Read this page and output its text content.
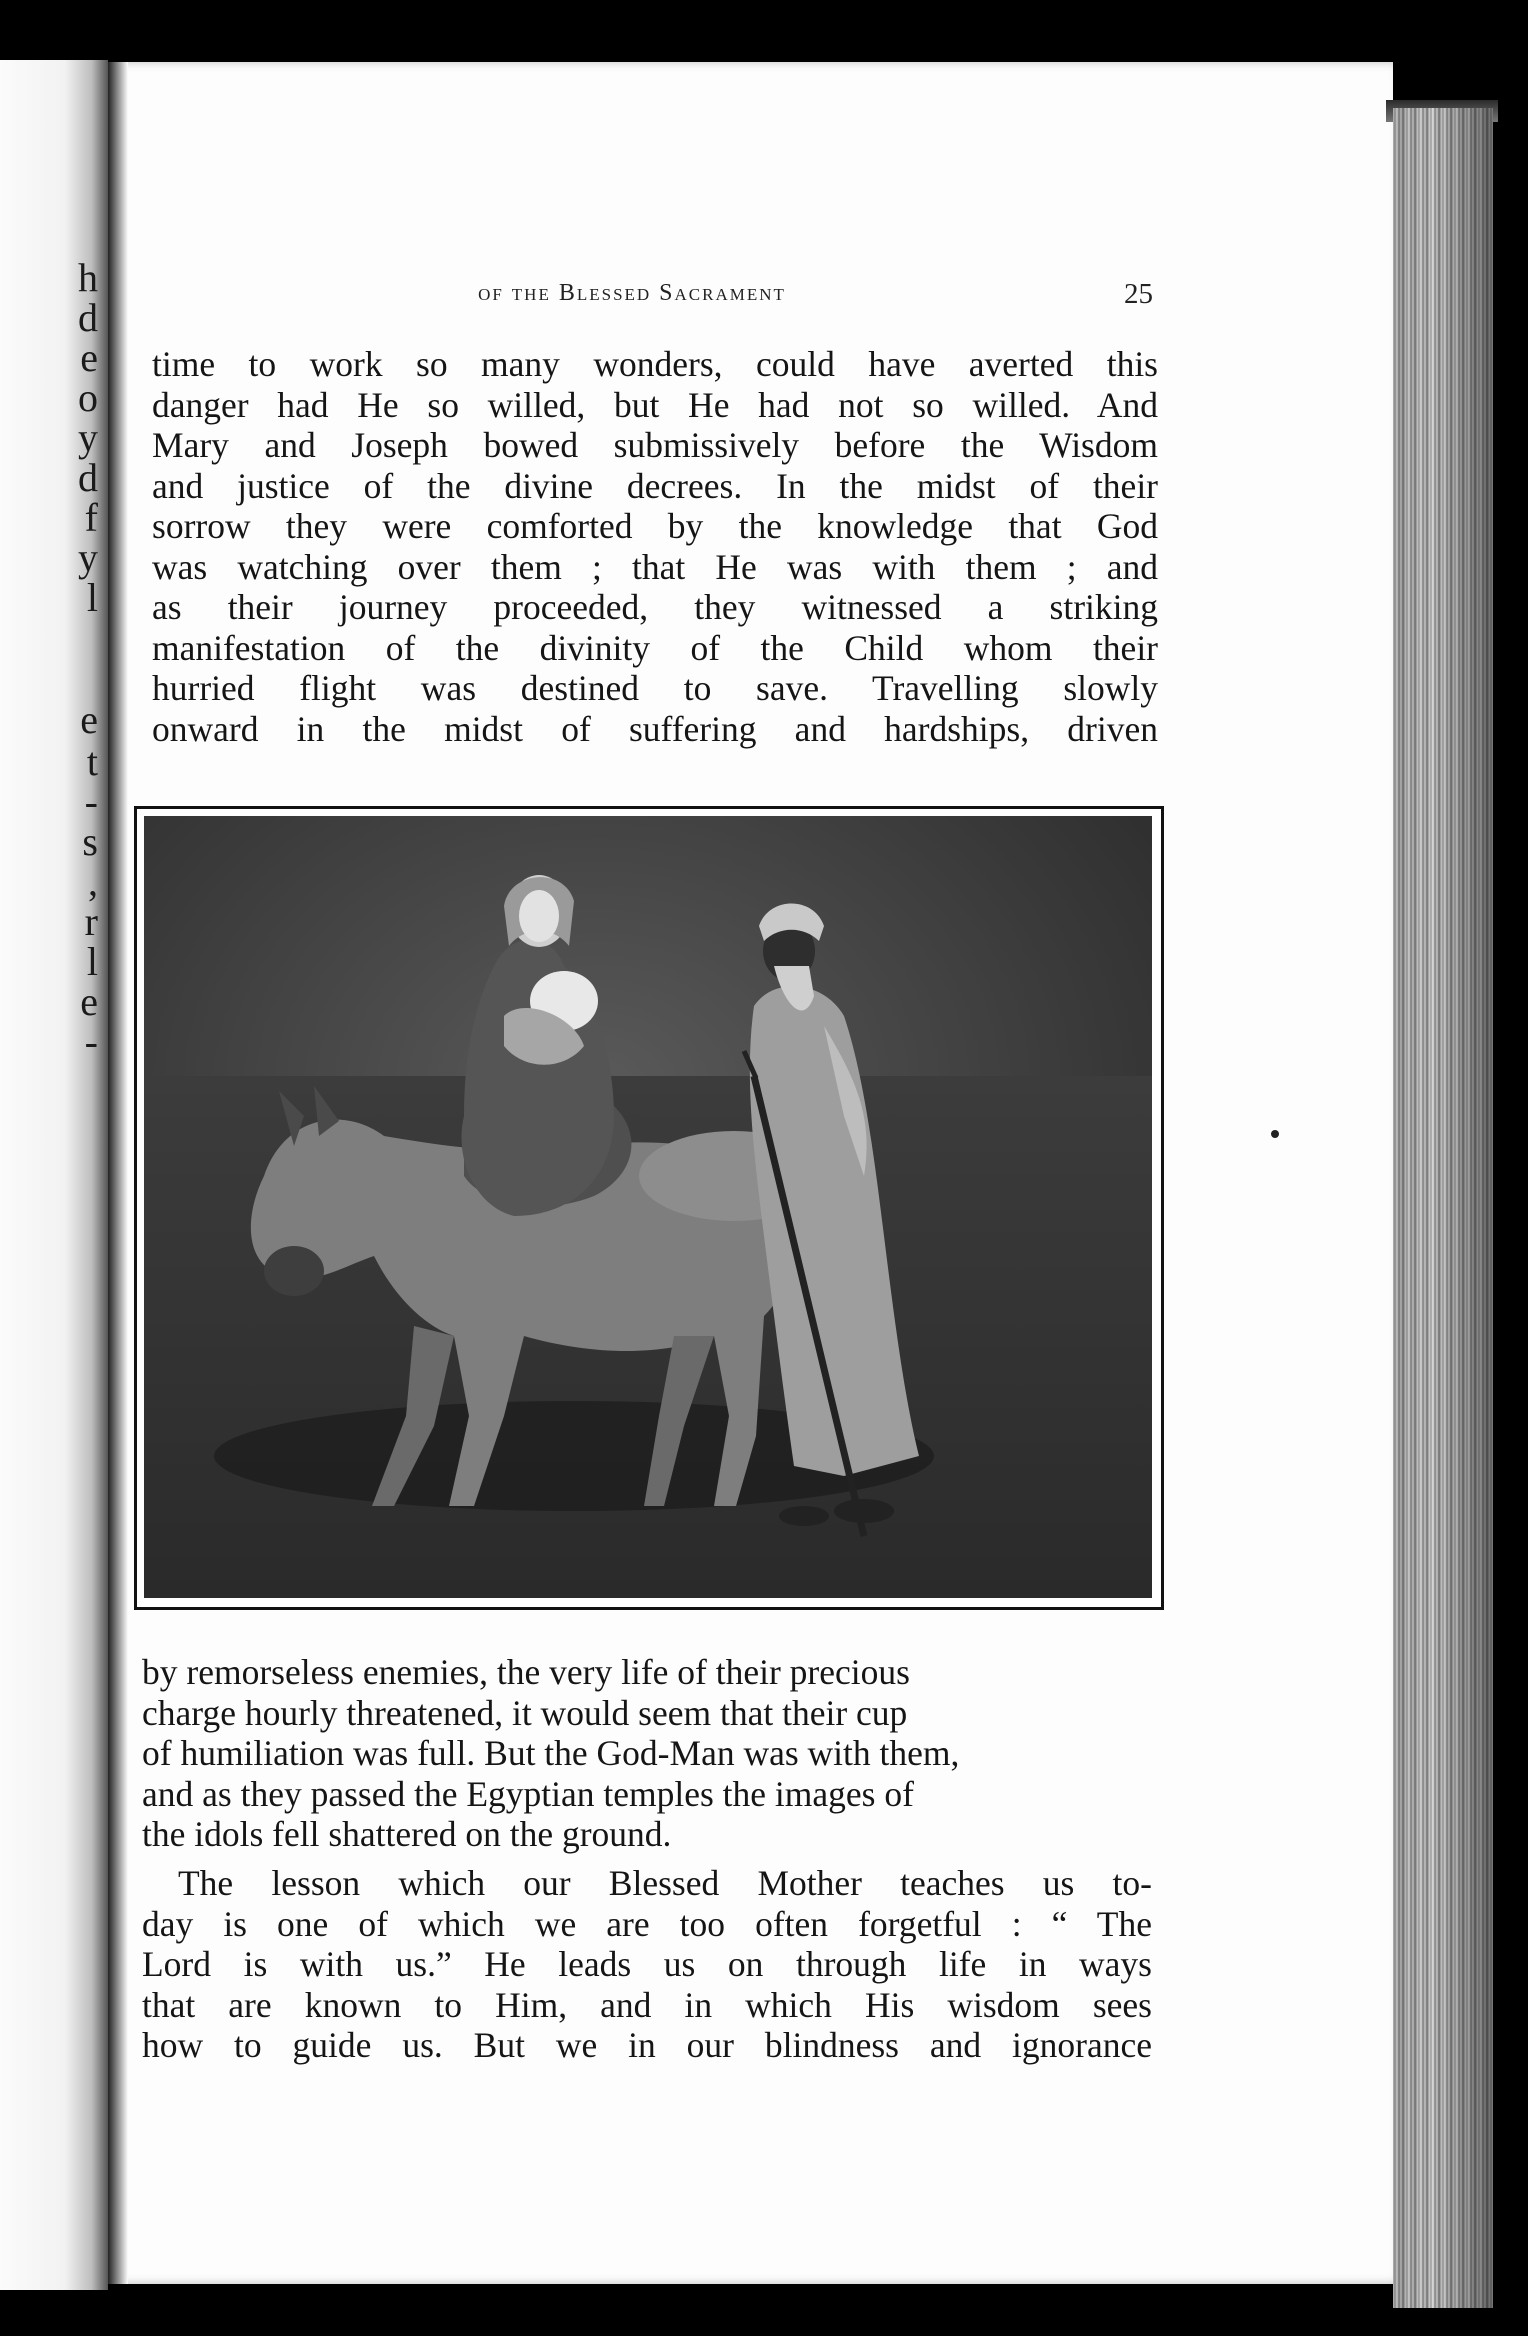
h
d
e
o
y
d
f
y
l
e
t
-
s
,
r
l
e
-
of the Blessed Sacrament	25
time to work so many wonders, could have averted this
danger had He so willed, but He had not so willed. And
Mary and Joseph bowed submissively before the Wisdom
and justice of the divine decrees. In the midst of their
sorrow they were comforted by the knowledge that God
was watching over them ; that He was with them ; and
as their journey proceeded, they witnessed a striking
manifestation of the divinity of the Child whom their
hurried flight was destined to save. Travelling slowly
onward in the midst of suffering and hardships, driven
by remorseless enemies, the very life of their precious
charge hourly threatened, it would seem that their cup
of humiliation was full. But the God-Man was with them,
and as they passed the Egyptian temples the images of
the idols fell shattered on the ground.
The lesson which our Blessed Mother teaches us to-
day is one of which we are too often forgetful : “ The
Lord is with us.” He leads us on through life in ways
that are known to Him, and in which His wisdom sees
how to guide us. But we in our blindness and ignorance
